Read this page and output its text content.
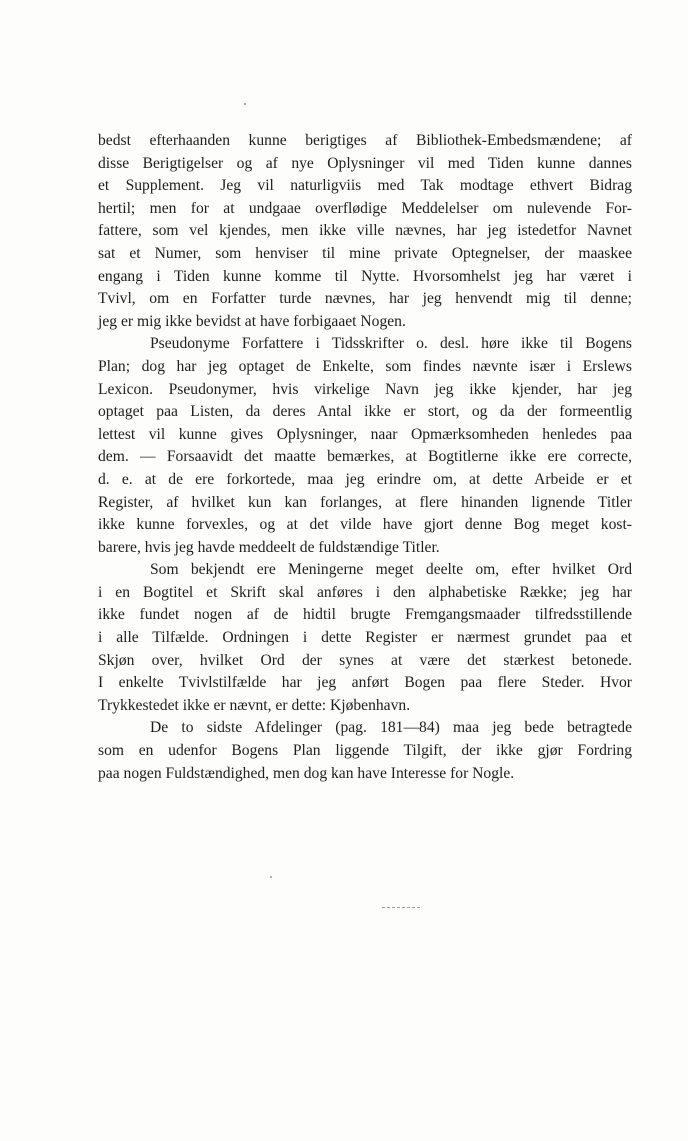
bedst efterhaanden kunne berigtiges af Bibliothek-Embedsmændene; af
disse Berigtigelser og af nye Oplysninger vil med Tiden kunne dannes
et Supplement. Jeg vil naturligviis med Tak modtage ethvert Bidrag
hertil; men for at undgaae overflødige Meddelelser om nulevende For-
fattere, som vel kjendes, men ikke ville nævnes, har jeg istedetfor Navnet
sat et Numer, som henviser til mine private Optegnelser, der maaskee
engang i Tiden kunne komme til Nytte. Hvorsomhelst jeg har været i
Tvivl, om en Forfatter turde nævnes, har jeg henvendt mig til denne;
jeg er mig ikke bevidst at have forbigaaet Nogen.
Pseudonyme Forfattere i Tidsskrifter o. desl. høre ikke til Bogens
Plan; dog har jeg optaget de Enkelte, som findes nævnte især i Erslews
Lexicon. Pseudonymer, hvis virkelige Navn jeg ikke kjender, har jeg
optaget paa Listen, da deres Antal ikke er stort, og da der formeentlig
lettest vil kunne gives Oplysninger, naar Opmærksomheden henledes paa
dem. — Forsaavidt det maatte bemærkes, at Bogtitlerne ikke ere correcte,
d. e. at de ere forkortede, maa jeg erindre om, at dette Arbeide er et
Register, af hvilket kun kan forlanges, at flere hinanden lignende Titler
ikke kunne forvexles, og at det vilde have gjort denne Bog meget kost-
barere, hvis jeg havde meddeelt de fuldstændige Titler.
Som bekjendt ere Meningerne meget deelte om, efter hvilket Ord
i en Bogtitel et Skrift skal anføres i den alphabetiske Række; jeg har
ikke fundet nogen af de hidtil brugte Fremgangsmaader tilfredsstillende
i alle Tilfælde. Ordningen i dette Register er nærmest grundet paa et
Skjøn over, hvilket Ord der synes at være det stærkest betonede.
I enkelte Tvivlstilfælde har jeg anført Bogen paa flere Steder. Hvor
Trykkestedet ikke er nævnt, er dette: Kjøbenhavn.
De to sidste Afdelinger (pag. 181—84) maa jeg bede betragtede
som en udenfor Bogens Plan liggende Tilgift, der ikke gjør Fordring
paa nogen Fuldstændighed, men dog kan have Interesse for Nogle.
